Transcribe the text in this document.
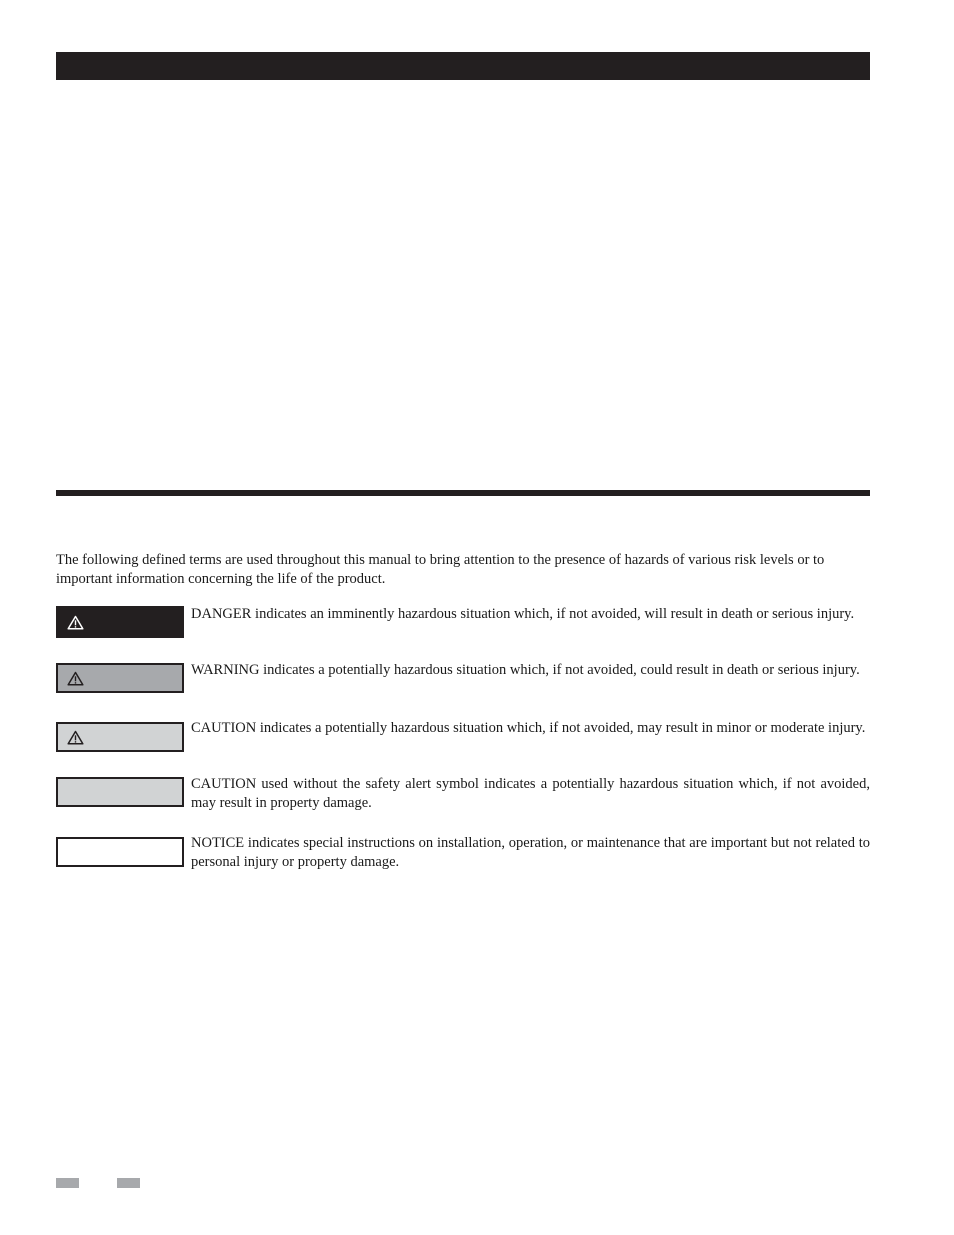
The following defined terms are used throughout this manual to bring attention to the presence of hazards of various risk levels or to important information concerning the life of the product.

DANGER indicates an imminently hazardous situation which, if not avoided, will result in death or serious injury.

WARNING indicates a potentially hazardous situation which, if not avoided, could result in death or serious injury.

CAUTION indicates a potentially hazardous situation which, if not avoided, may result in minor or moderate injury.

CAUTION used without the safety alert symbol indicates a potentially hazardous situation which, if not avoided, may result in property damage.

NOTICE indicates special instructions on installation, operation, or maintenance that are important but not related to personal injury or property damage.
